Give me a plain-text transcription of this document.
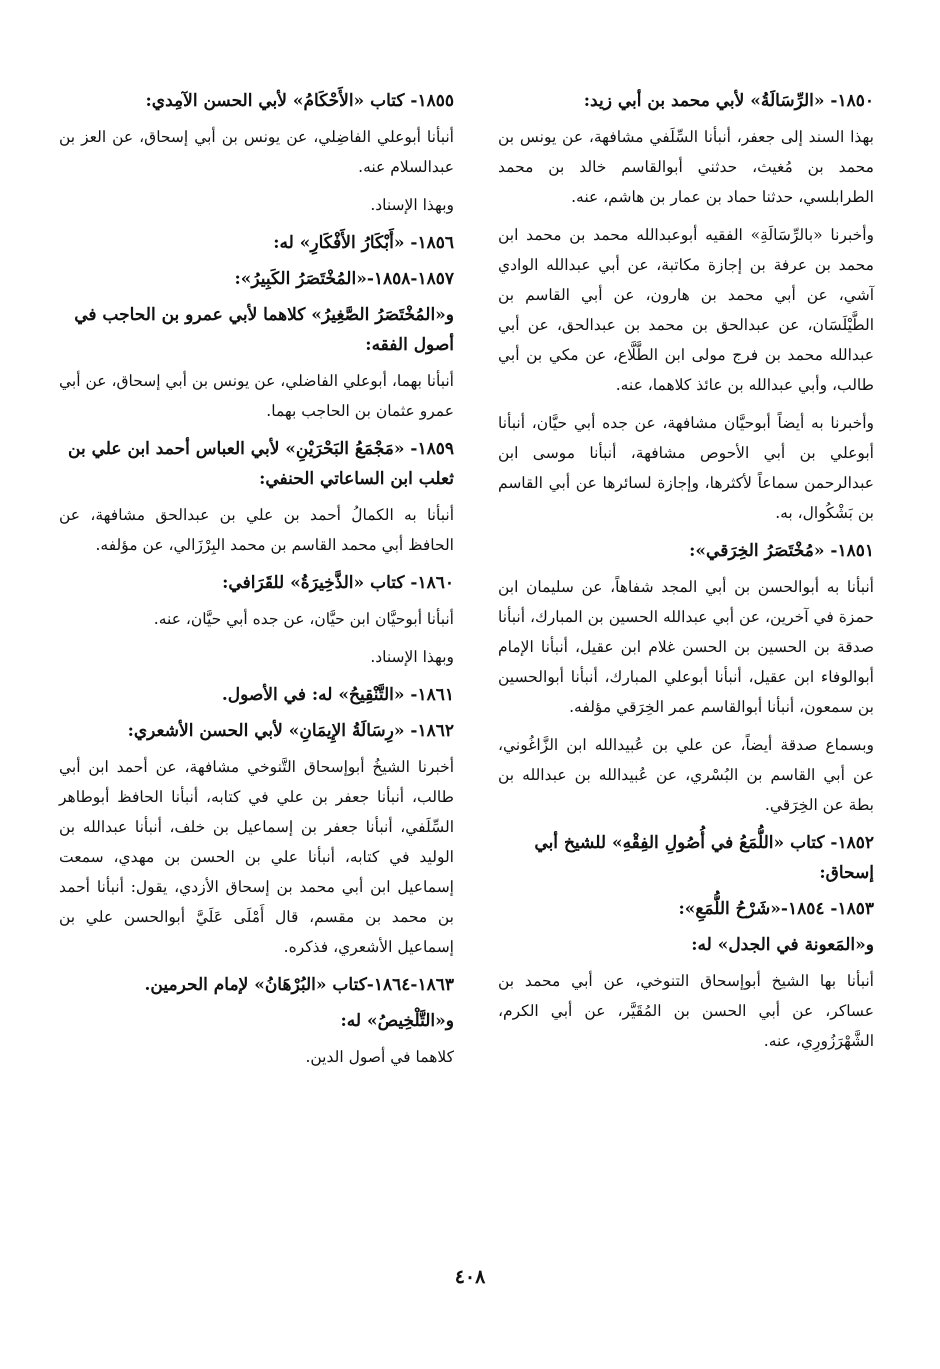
١٨٥٠- «الرِّسَالَةُ» لأبي محمد بن أبي زيد:
بهذا السند إلى جعفر، أنبأنا السِّلَفي مشافهة، عن يونس بن محمد بن مُغيث، حدثني أبوالقاسم خالد بن محمد الطرابلسي، حدثنا حماد بن عمار بن هاشم، عنه.
وأخبرنا «بالرِّسَالَةِ» الفقيه أبوعبدالله محمد بن محمد ابن محمد بن عرفة بن إجازة مكاتبة، عن أبي عبدالله الوادي آشي، عن أبي محمد بن هارون، عن أبي القاسم بن الطَّيْلَسَان، عن عبدالحق بن محمد بن عبدالحق، عن أبي عبدالله محمد بن فرج مولى ابن الطَّلَّاع، عن مكي بن أبي طالب، وأبي عبدالله بن عائذ كلاهما، عنه.
وأخبرنا به أيضاً أبوحيَّان مشافهة، عن جده أبي حيَّان، أنبأنا أبوعلي بن أبي الأحوص مشافهة، أنبأنا موسى ابن عبدالرحمن سماعاً لأكثرها، وإجازة لسائرها عن أبي القاسم بن بَشْكُوال، به.
١٨٥١- «مُخْتَصَرُ الخِرَقي»:
أنبأنا به أبوالحسن بن أبي المجد شفاهاً، عن سليمان ابن حمزة في آخرين، عن أبي عبدالله الحسين بن المبارك، أنبأنا صدقة بن الحسين بن الحسن غلام ابن عقيل، أنبأنا الإمام أبوالوفاء ابن عقيل، أنبأنا أبوعلي المبارك، أنبأنا أبوالحسين بن سمعون، أنبأنا أبوالقاسم عمر الخِرَقي مؤلفه.
وبسماع صدقة أيضاً، عن علي بن عُبيدالله ابن الزَّاغُوني، عن أبي القاسم بن البُسْري، عن عُبيدالله بن عبدالله بن بطة عن الخِرَقي.
١٨٥٢- كتاب «اللُّمَعُ في أُصُولِ الفِقْهِ» للشيخ أبي إسحاق:
١٨٥٣- ١٨٥٤-«شَرْحُ اللُّمَعِ»:
و«المَعونة في الجدل» له:
أنبأنا بها الشيخ أبوإسحاق التنوخي، عن أبي محمد بن عساكر، عن أبي الحسن بن المُقَيَّر، عن أبي الكرم، الشَّهْرَزُورِي، عنه.
١٨٥٥- كتاب «الأَحْكَامُ» لأبي الحسن الآمِدي:
أنبأنا أبوعلي الفاضِلي، عن يونس بن أبي إسحاق، عن العز بن عبدالسلام عنه.
وبهذا الإسناد.
١٨٥٦- «أَبْكَارُ الأَفْكَارِ» له:
١٨٥٧-١٨٥٨-«المُخْتَصَرُ الكَبِيرُ»:
و«المُخْتَصَرُ الصَّغِيرُ» كلاهما لأبي عمرو بن الحاجب في أصول الفقه:
أنبأنا بهما، أبوعلي الفاضلي، عن يونس بن أبي إسحاق، عن أبي عمرو عثمان بن الحاجب بهما.
١٨٥٩- «مَجْمَعُ البَحْرَيْنِ» لأبي العباس أحمد ابن علي بن ثعلب ابن الساعاتي الحنفي:
أنبأنا به الكمالُ أحمد بن علي بن عبدالحق مشافهة، عن الحافظ أبي محمد القاسم بن محمد البِرْزَالي، عن مؤلفه.
١٨٦٠- كتاب «الذَّخِيرَةُ» للقَرَافي:
أنبأنا أبوحيَّان ابن حيَّان، عن جده أبي حيَّان، عنه.
وبهذا الإسناد.
١٨٦١- «التَّنْقِيحُ» له: في الأصول.
١٨٦٢- «رِسَالَةُ الإِيمَانِ» لأبي الحسن الأشعري:
أخبرنا الشيخُ أبوإسحاق التَّنوخي مشافهة، عن أحمد ابن أبي طالب، أنبأنا جعفر بن علي في كتابه، أنبأنا الحافظ أبوطاهر السِّلَفي، أنبأنا جعفر بن إسماعيل بن خلف، أنبأنا عبدالله بن الوليد في كتابه، أنبأنا علي بن الحسن بن مهدي، سمعت إسماعيل ابن أبي محمد بن إسحاق الأزدي، يقول: أنبأنا أحمد بن محمد بن مقسم، قال أَمْلَى عَلَيَّ أبوالحسن علي بن إسماعيل الأشعري، فذكره.
١٨٦٣-١٨٦٤-كتاب «البُرْهَانُ» لإمام الحرمين.
و«التَّلْخِيصُ» له:
كلاهما في أصول الدين.
٤٠٨
